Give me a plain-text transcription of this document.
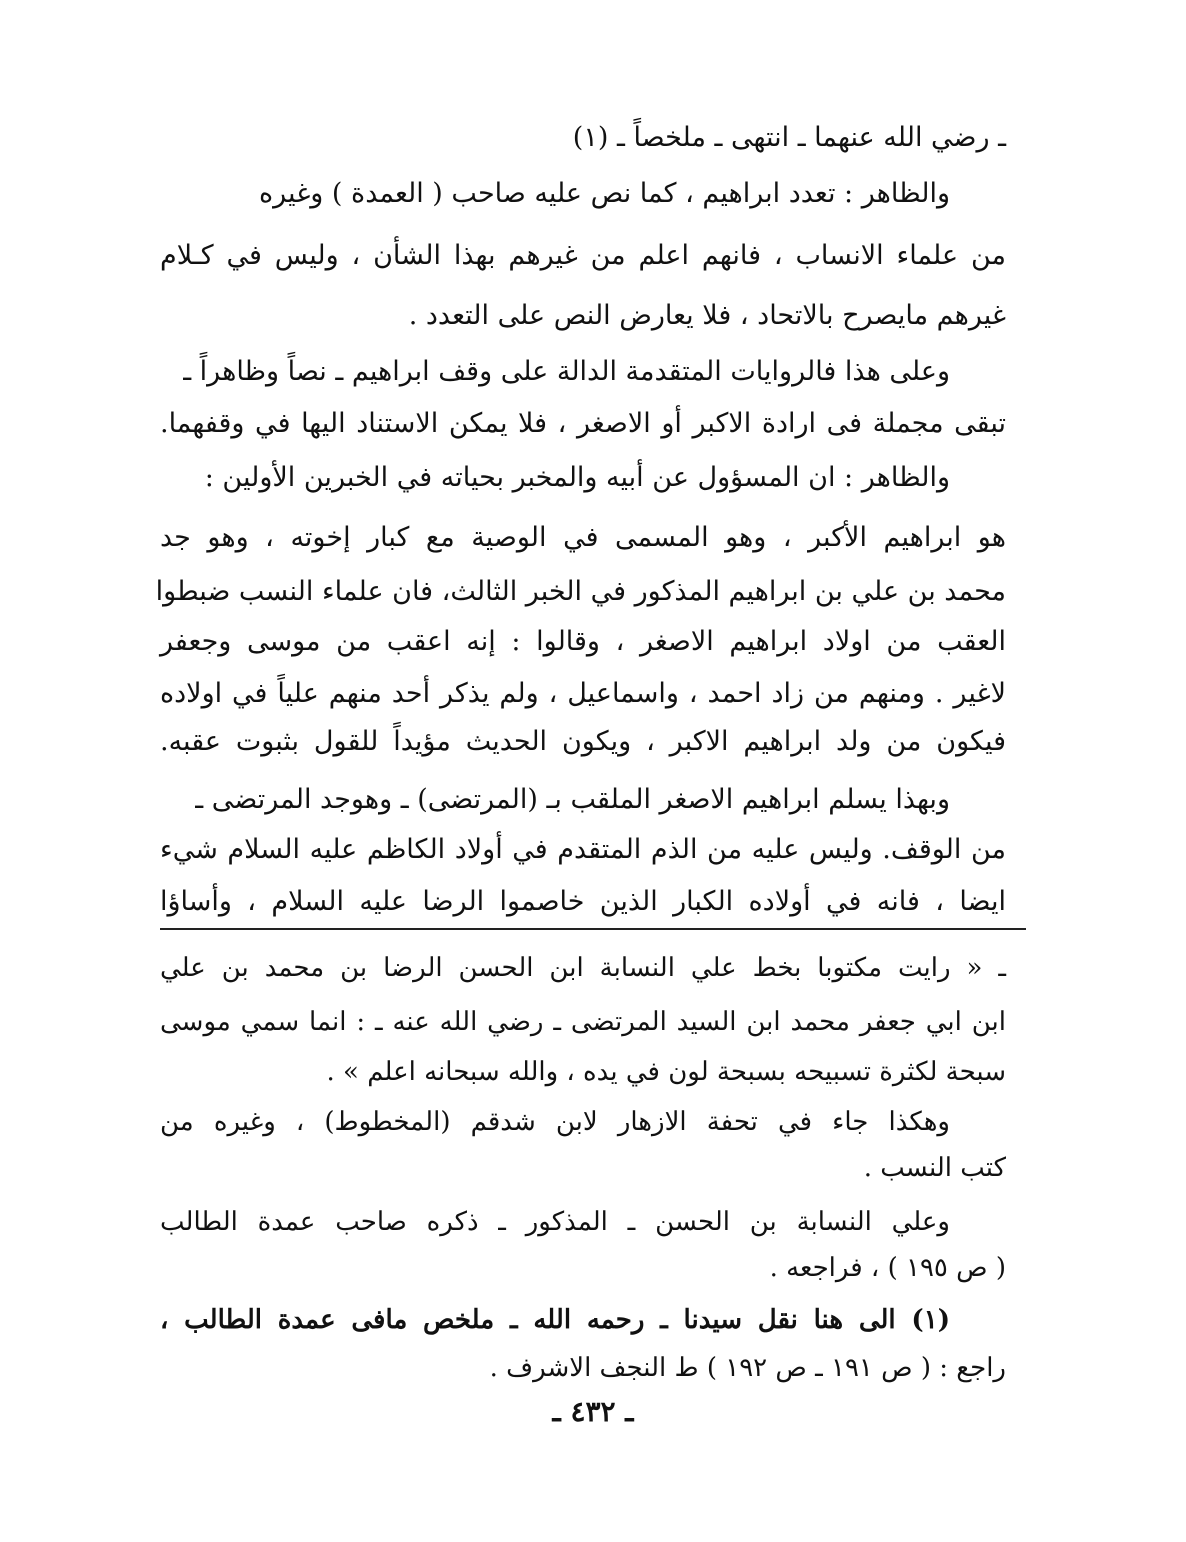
ـ رضي الله عنهما ـ انتهى ـ ملخصاً ـ (١)
والظاهر : تعدد ابراهيم ، كما نص عليه صاحب ( العمدة ) وغيره
من علماء الانساب ، فانهم اعلم من غيرهم بهذا الشأن ، وليس في كـلام
غيرهم مايصرح بالاتحاد ، فلا يعارض النص على التعدد .
وعلى هذا فالروايات المتقدمة الدالة على وقف ابراهيم ـ نصاً وظاهراً ـ
تبقى مجملة فى ارادة الاكبر أو الاصغر ، فلا يمكن الاستناد اليها في وقفهما.
والظاهر : ان المسؤول عن أبيه والمخبر بحياته في الخبرين الأولين :
هو ابراهيم الأكبر ، وهو المسمى في الوصية مع كبار إخوته ، وهو جد
محمد بن علي بن ابراهيم المذكور في الخبر الثالث، فان علماء النسب ضبطوا
العقب من اولاد ابراهيم الاصغر ، وقالوا : إنه اعقب من موسى وجعفر
لاغير . ومنهم من زاد احمد ، واسماعيل ، ولم يذكر أحد منهم علياً في اولاده
فيكون من ولد ابراهيم الاكبر ، ويكون الحديث مؤيداً للقول بثبوت عقبه.
وبهذا يسلم ابراهيم الاصغر الملقب بـ (المرتضى) ـ وهوجد المرتضى ـ
من الوقف. وليس عليه من الذم المتقدم في أولاد الكاظم عليه السلام شيء
ايضا ، فانه في أولاده الكبار الذين خاصموا الرضا عليه السلام ، وأساؤا
ـ « رايت مكتوبا بخط علي النسابة ابن الحسن الرضا بن محمد بن علي
ابن ابي جعفر محمد ابن السيد المرتضى ـ رضي الله عنه ـ : انما سمي موسى
سبحة لكثرة تسبيحه بسبحة لون في يده ، والله سبحانه اعلم » .
وهكذا جاء في تحفة الازهار لابن شدقم (المخطوط) ، وغيره من
كتب النسب .
وعلي النسابة بن الحسن ـ المذكور ـ ذكره صاحب عمدة الطالب
( ص ١٩٥ ) ، فراجعه .
(١) الى هنا نقل سيدنا ـ رحمه الله ـ ملخص مافى عمدة الطالب ،
راجع : ( ص ١٩١ ـ ص ١٩٢ ) ط النجف الاشرف .
ـ ٤٣٢ ـ
